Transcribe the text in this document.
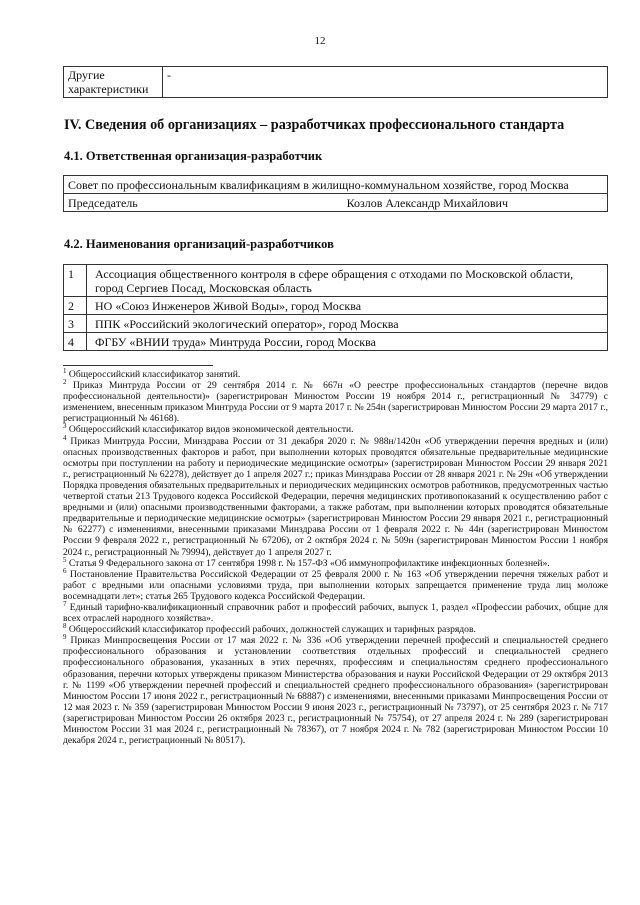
12
Другие характеристики	-
IV. Сведения об организациях – разработчиках профессионального стандарта
4.1. Ответственная организация-разработчик
Совет по профессиональным квалификациям в жилищно-коммунальном хозяйстве, город Москва

Председатель	Козлов Александр Михайлович
4.2. Наименования организаций-разработчиков
1	Ассоциация общественного контроля в сфере обращения с отходами по Московской области, город Сергиев Посад, Московская область
2	НО «Союз Инженеров Живой Воды», город Москва
3	ППК «Российский экологический оператор», город Москва
4	ФГБУ «ВНИИ труда» Минтруда России, город Москва

$^1$ Общероссийский классификатор занятий.

$^2$ Приказ Минтруда России от 29 сентября 2014 г. № 667н «О реестре профессиональных стандартов (перечне видов профессиональной деятельности)» (зарегистрирован Минюстом России 19 ноября 2014 г., регистрационный № 34779) с изменением, внесенным приказом Минтруда России от 9 марта 2017 г. № 254н (зарегистрирован Минюстом России 29 марта 2017 г., регистрационный № 46168).

$^3$ Общероссийский классификатор видов экономической деятельности.

$^4$ Приказ Минтруда России, Минздрава России от 31 декабря 2020 г. № 988н/1420н «Об утверждении перечня вредных и (или) опасных производственных факторов и работ, при выполнении которых проводятся обязательные предварительные медицинские осмотры при поступлении на работу и периодические медицинские осмотры» (зарегистрирован Минюстом России 29 января 2021 г., регистрационный № 62278), действует до 1 апреля 2027 г.; приказ Минздрава России от 28 января 2021 г. № 29н «Об утверждении Порядка проведения обязательных предварительных и периодических медицинских осмотров работников, предусмотренных частью четвертой статьи 213 Трудового кодекса Российской Федерации, перечня медицинских противопоказаний к осуществлению работ с вредными и (или) опасными производственными факторами, а также работам, при выполнении которых проводятся обязательные предварительные и периодические медицинские осмотры» (зарегистрирован Минюстом России 29 января 2021 г., регистрационный № 62277) с изменениями, внесенными приказами Минздрава России от 1 февраля 2022 г. № 44н (зарегистрирован Минюстом России 9 февраля 2022 г., регистрационный № 67206), от 2 октября 2024 г. № 509н (зарегистрирован Минюстом России 1 ноября 2024 г., регистрационный № 79994), действует до 1 апреля 2027 г.

$^5$ Статья 9 Федерального закона от 17 сентября 1998 г. № 157-ФЗ «Об иммунопрофилактике инфекционных болезней».

$^6$ Постановление Правительства Российской Федерации от 25 февраля 2000 г. № 163 «Об утверждении перечня тяжелых работ и работ с вредными или опасными условиями труда, при выполнении которых запрещается применение труда лиц моложе восемнадцати лет»; статья 265 Трудового кодекса Российской Федерации.

$^7$ Единый тарифно-квалификационный справочник работ и профессий рабочих, выпуск 1, раздел «Профессии рабочих, общие для всех отраслей народного хозяйства».

$^8$ Общероссийский классификатор профессий рабочих, должностей служащих и тарифных разрядов.

$^9$ Приказ Минпросвещения России от 17 мая 2022 г. № 336 «Об утверждении перечней профессий и специальностей среднего профессионального образования и установлении соответствия отдельных профессий и специальностей среднего профессионального образования, указанных в этих перечнях, профессиям и специальностям среднего профессионального образования, перечни которых утверждены приказом Министерства образования и науки Российской Федерации от 29 октября 2013 г. № 1199 «Об утверждении перечней профессий и специальностей среднего профессионального образования» (зарегистрирован Минюстом России 17 июня 2022 г., регистрационный № 68887) с изменениями, внесенными приказами Минпросвещения России от 12 мая 2023 г. № 359 (зарегистрирован Минюстом России 9 июня 2023 г., регистрационный № 73797), от 25 сентября 2023 г. № 717 (зарегистрирован Минюстом России 26 октября 2023 г., регистрационный № 75754), от 27 апреля 2024 г. № 289 (зарегистрирован Минюстом России 31 мая 2024 г., регистрационный № 78367), от 7 ноября 2024 г. № 782 (зарегистрирован Минюстом России 10 декабря 2024 г., регистрационный № 80517).
